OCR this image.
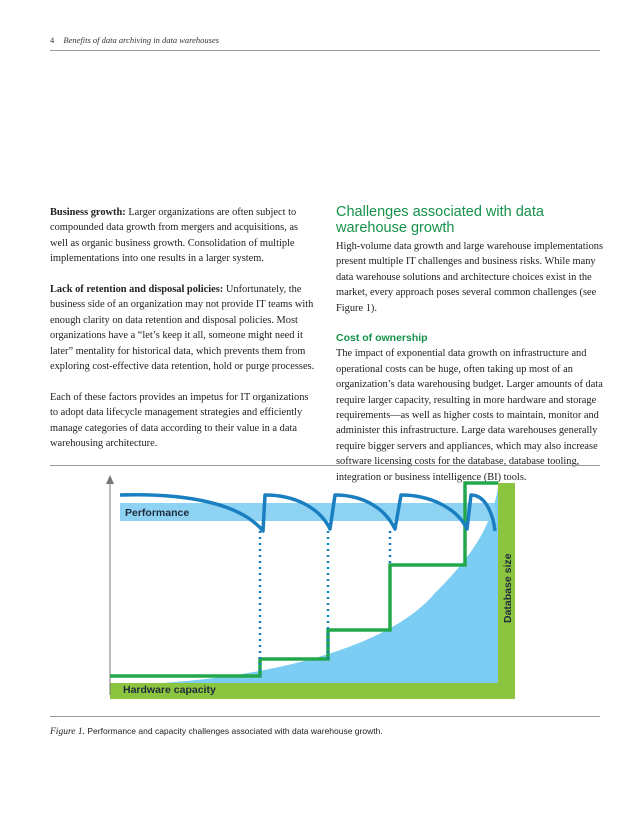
4 Benefits of data archiving in data warehouses

Business growth: Larger organizations are often subject to compounded data growth from mergers and acquisitions, as well as organic business growth. Consolidation of multiple implementations into one results in a larger system.

Lack of retention and disposal policies: Unfortunately, the business side of an organization may not provide IT teams with enough clarity on data retention and disposal policies. Most organizations have a “let’s keep it all, someone might need it later” mentality for historical data, which prevents them from exploring cost-effective data retention, hold or purge processes.

Each of these factors provides an impetus for IT organizations to adopt data lifecycle management strategies and efficiently manage categories of data according to their value in a data warehousing architecture.

Challenges associated with data warehouse growth

High-volume data growth and large warehouse implementations present multiple IT challenges and business risks. While many data warehouse solutions and architecture choices exist in the market, every approach poses several common challenges (see Figure 1).

Cost of ownership

The impact of exponential data growth on infrastructure and operational costs can be huge, often taking up most of an organization’s data warehousing budget. Larger amounts of data require larger capacity, resulting in more hardware and storage requirements—as well as higher costs to maintain, monitor and administer this infrastructure. Large data warehouses generally require bigger servers and appliances, which may also increase software licensing costs for the database, database tooling, integration or business intelligence (BI) tools.

Performance
Hardware capacity
Database size
Figure 1. Performance and capacity challenges associated with data warehouse growth.
